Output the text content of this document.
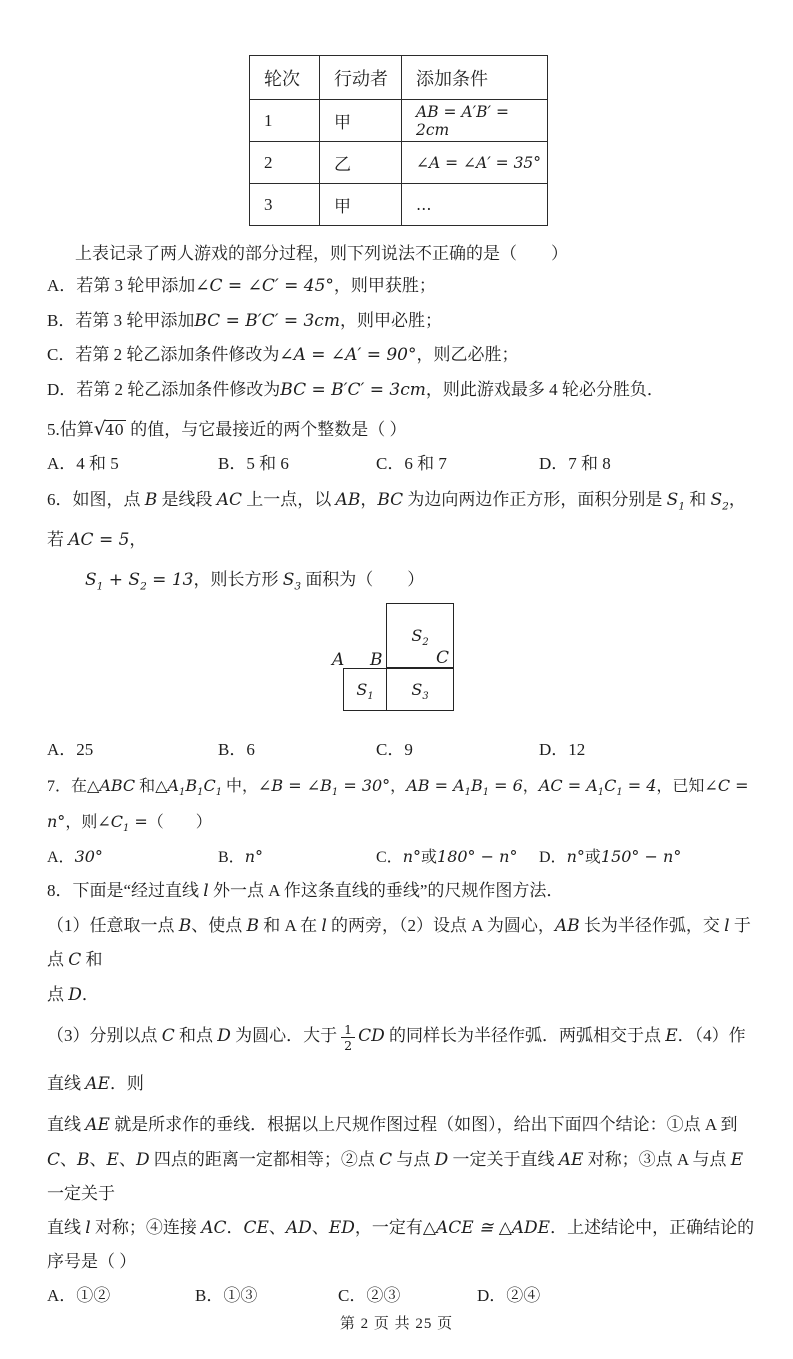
轮次	行动者	添加条件
1	甲	AB = A′B′ = 2cm
2	乙	∠A = ∠A′ = 35°
3	甲	…
上表记录了两人游戏的部分过程，则下列说法不正确的是（　　）
A．若第 3 轮甲添加∠C = ∠C′ = 45°，则甲获胜；
B．若第 3 轮甲添加BC = B′C′ = 3cm，则甲必胜；
C．若第 2 轮乙添加条件修改为∠A = ∠A′ = 90°，则乙必胜；
D．若第 2 轮乙添加条件修改为BC = B′C′ = 3cm，则此游戏最多 4 轮必分胜负．
5.估算√40 的值，与它最接近的两个整数是（ ）
A．4 和 5	B．5 和 6	C．6 和 7	D．7 和 8
6．如图，点 B 是线段 AC 上一点，以 AB，BC 为边向两边作正方形，面积分别是 $S_1$ 和 $S_2$，若 AC = 5，
$S_1 + S_2 = 13$，则长方形 $S_3$ 面积为（　　）
$S_2$
$S_1$ $S_3$
A B	C
A．25	B．6	C．9	D．12
7．在△ABC 和$\triangle A_1B_1C_1$ 中，∠B = $\angle B_1 = 30^\circ$，AB = $A_1B_1 = 6$，AC = $A_1C_1 = 4$，已知∠C = n°，则$\angle C_1$ =（　　）
A．30°	B．n°	C．n°或180° − n°	D．n°或150° − n°
8．下面是“经过直线 l 外一点 A 作这条直线的垂线”的尺规作图方法．
（1）任意取一点 B、使点 B 和 A 在 l 的两旁，（2）设点 A 为圆心，AB 长为半径作弧，交 l 于点 C 和
点 D．
（3）分别以点 C 和点 D 为圆心．大于 $\frac{1}{2}$ CD 的同样长为半径作弧．两弧相交于点 E．（4）作直线 AE．则
直线 AE 就是所求作的垂线．根据以上尺规作图过程（如图），给出下面四个结论：①点 A 到
C、B、E、D 四点的距离一定都相等；②点 C 与点 D 一定关于直线 AE 对称；③点 A 与点 E 一定关于
直线 l 对称；④连接 AC．CE、AD、ED，一定有△ACE ≅ △ADE．上述结论中，正确结论的序号是（ ）
A．①②	B．①③	C．②③	D．②④
第 2 页 共 25 页
